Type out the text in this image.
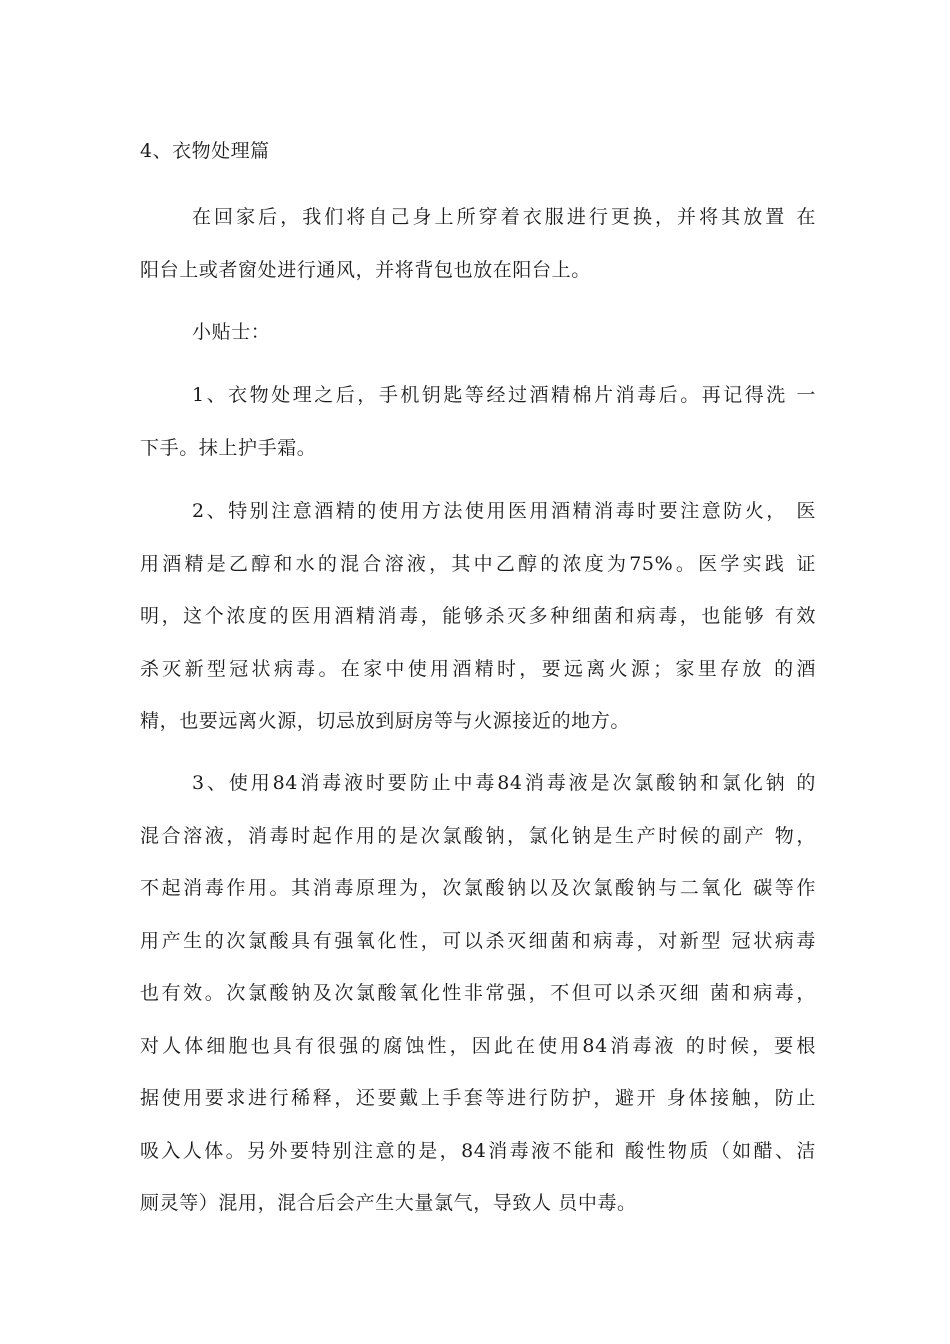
4、衣物处理篇
在回家后，我们将自己身上所穿着衣服进行更换，并将其放置 在
阳台上或者窗处进行通风，并将背包也放在阳台上。
小贴士：
1、衣物处理之后，手机钥匙等经过酒精棉片消毒后。再记得洗 一
下手。抹上护手霜。
2、特别注意酒精的使用方法使用医用酒精消毒时要注意防火， 医
用酒精是乙醇和水的混合溶液，其中乙醇的浓度为75%。医学实践 证
明，这个浓度的医用酒精消毒，能够杀灭多种细菌和病毒，也能够 有效
杀灭新型冠状病毒。在家中使用酒精时，要远离火源；家里存放 的酒
精，也要远离火源，切忌放到厨房等与火源接近的地方。
3、使用84消毒液时要防止中毒84消毒液是次氯酸钠和氯化钠 的
混合溶液，消毒时起作用的是次氯酸钠，氯化钠是生产时候的副产 物，
不起消毒作用。其消毒原理为，次氯酸钠以及次氯酸钠与二氧化 碳等作
用产生的次氯酸具有强氧化性，可以杀灭细菌和病毒，对新型 冠状病毒
也有效。次氯酸钠及次氯酸氧化性非常强，不但可以杀灭细 菌和病毒，
对人体细胞也具有很强的腐蚀性，因此在使用84消毒液 的时候，要根
据使用要求进行稀释，还要戴上手套等进行防护，避开 身体接触，防止
吸入人体。另外要特别注意的是，84消毒液不能和 酸性物质（如醋、洁
厕灵等）混用，混合后会产生大量氯气，导致人 员中毒。
